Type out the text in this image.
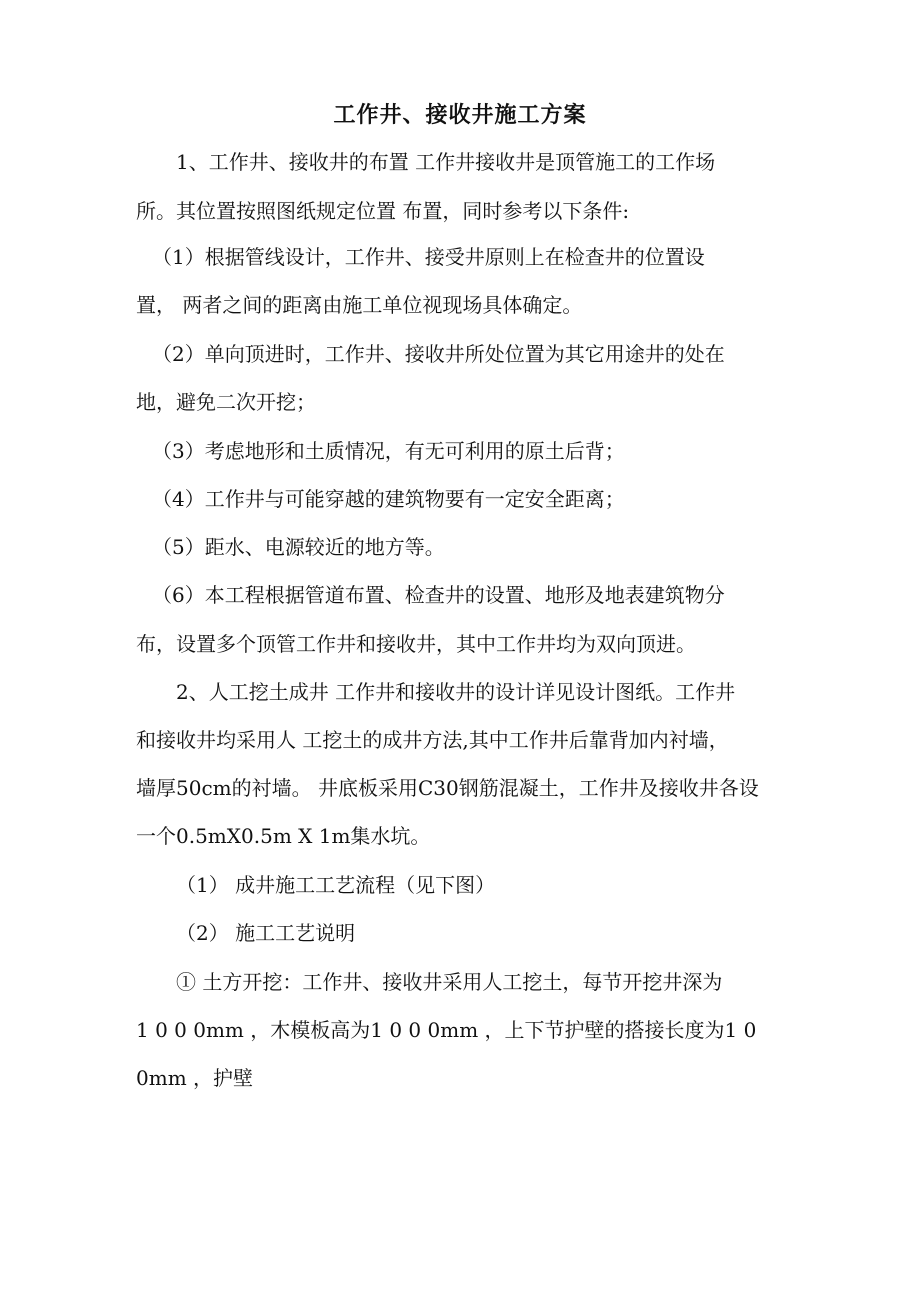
工作井、接收井施工方案
1、工作井、接收井的布置 工作井接收井是顶管施工的工作场
所。其位置按照图纸规定位置 布置，同时参考以下条件:
（1）根据管线设计，工作井、接受井原则上在检查井的位置设
置， 两者之间的距离由施工单位视现场具体确定。
（2）单向顶进时，工作井、接收井所处位置为其它用途井的处在
地，避免二次开挖；
（3）考虑地形和土质情况，有无可利用的原土后背；
（4）工作井与可能穿越的建筑物要有一定安全距离；
（5）距水、电源较近的地方等。
（6）本工程根据管道布置、检查井的设置、地形及地表建筑物分
布，设置多个顶管工作井和接收井，其中工作井均为双向顶进。
2、人工挖土成井 工作井和接收井的设计详见设计图纸。工作井
和接收井均采用人 工挖土的成井方法,其中工作井后靠背加内衬墙，
墙厚50cm的衬墙。 井底板采用C30钢筋混凝土，工作井及接收井各设
一个0.5mX0.5m X 1m集水坑。
（1） 成井施工工艺流程（见下图）
（2） 施工工艺说明
① 土方开挖：工作井、接收井采用人工挖土，每节开挖井深为
1 0 0 0mm ，木模板高为1 0 0 0mm ，上下节护壁的搭接长度为1 0
0mm ，护壁
